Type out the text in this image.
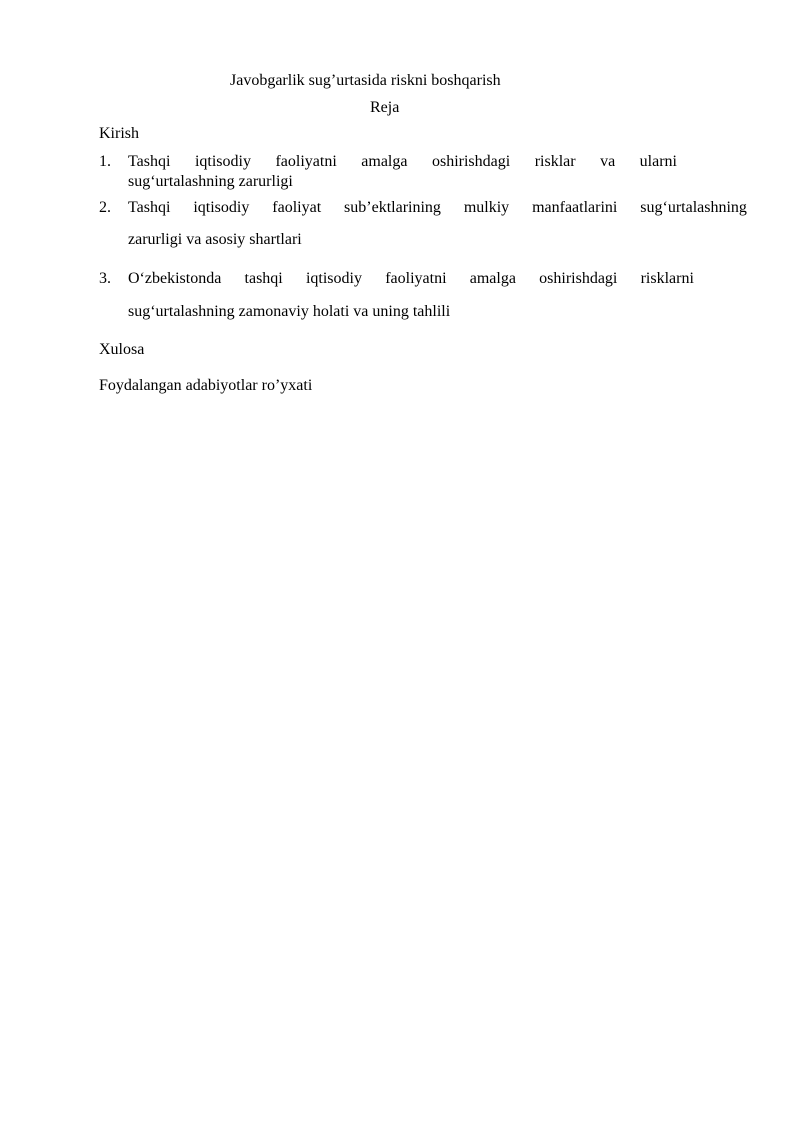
Javobgarlik sug’urtasida riskni boshqarish
Reja
Kirish
1. Tashqi iqtisodiy faoliyatni amalga oshirishdagi risklar va ularni
sug‘urtalashning zarurligi
2. Tashqi iqtisodiy faoliyat sub’ektlarining mulkiy manfaatlarini sug‘urtalashning
zarurligi va asosiy shartlari
3. O‘zbekistonda tashqi iqtisodiy faoliyatni amalga oshirishdagi risklarni
sug‘urtalashning zamonaviy holati va uning tahlili
Xulosa
Foydalangan adabiyotlar ro’yxati
